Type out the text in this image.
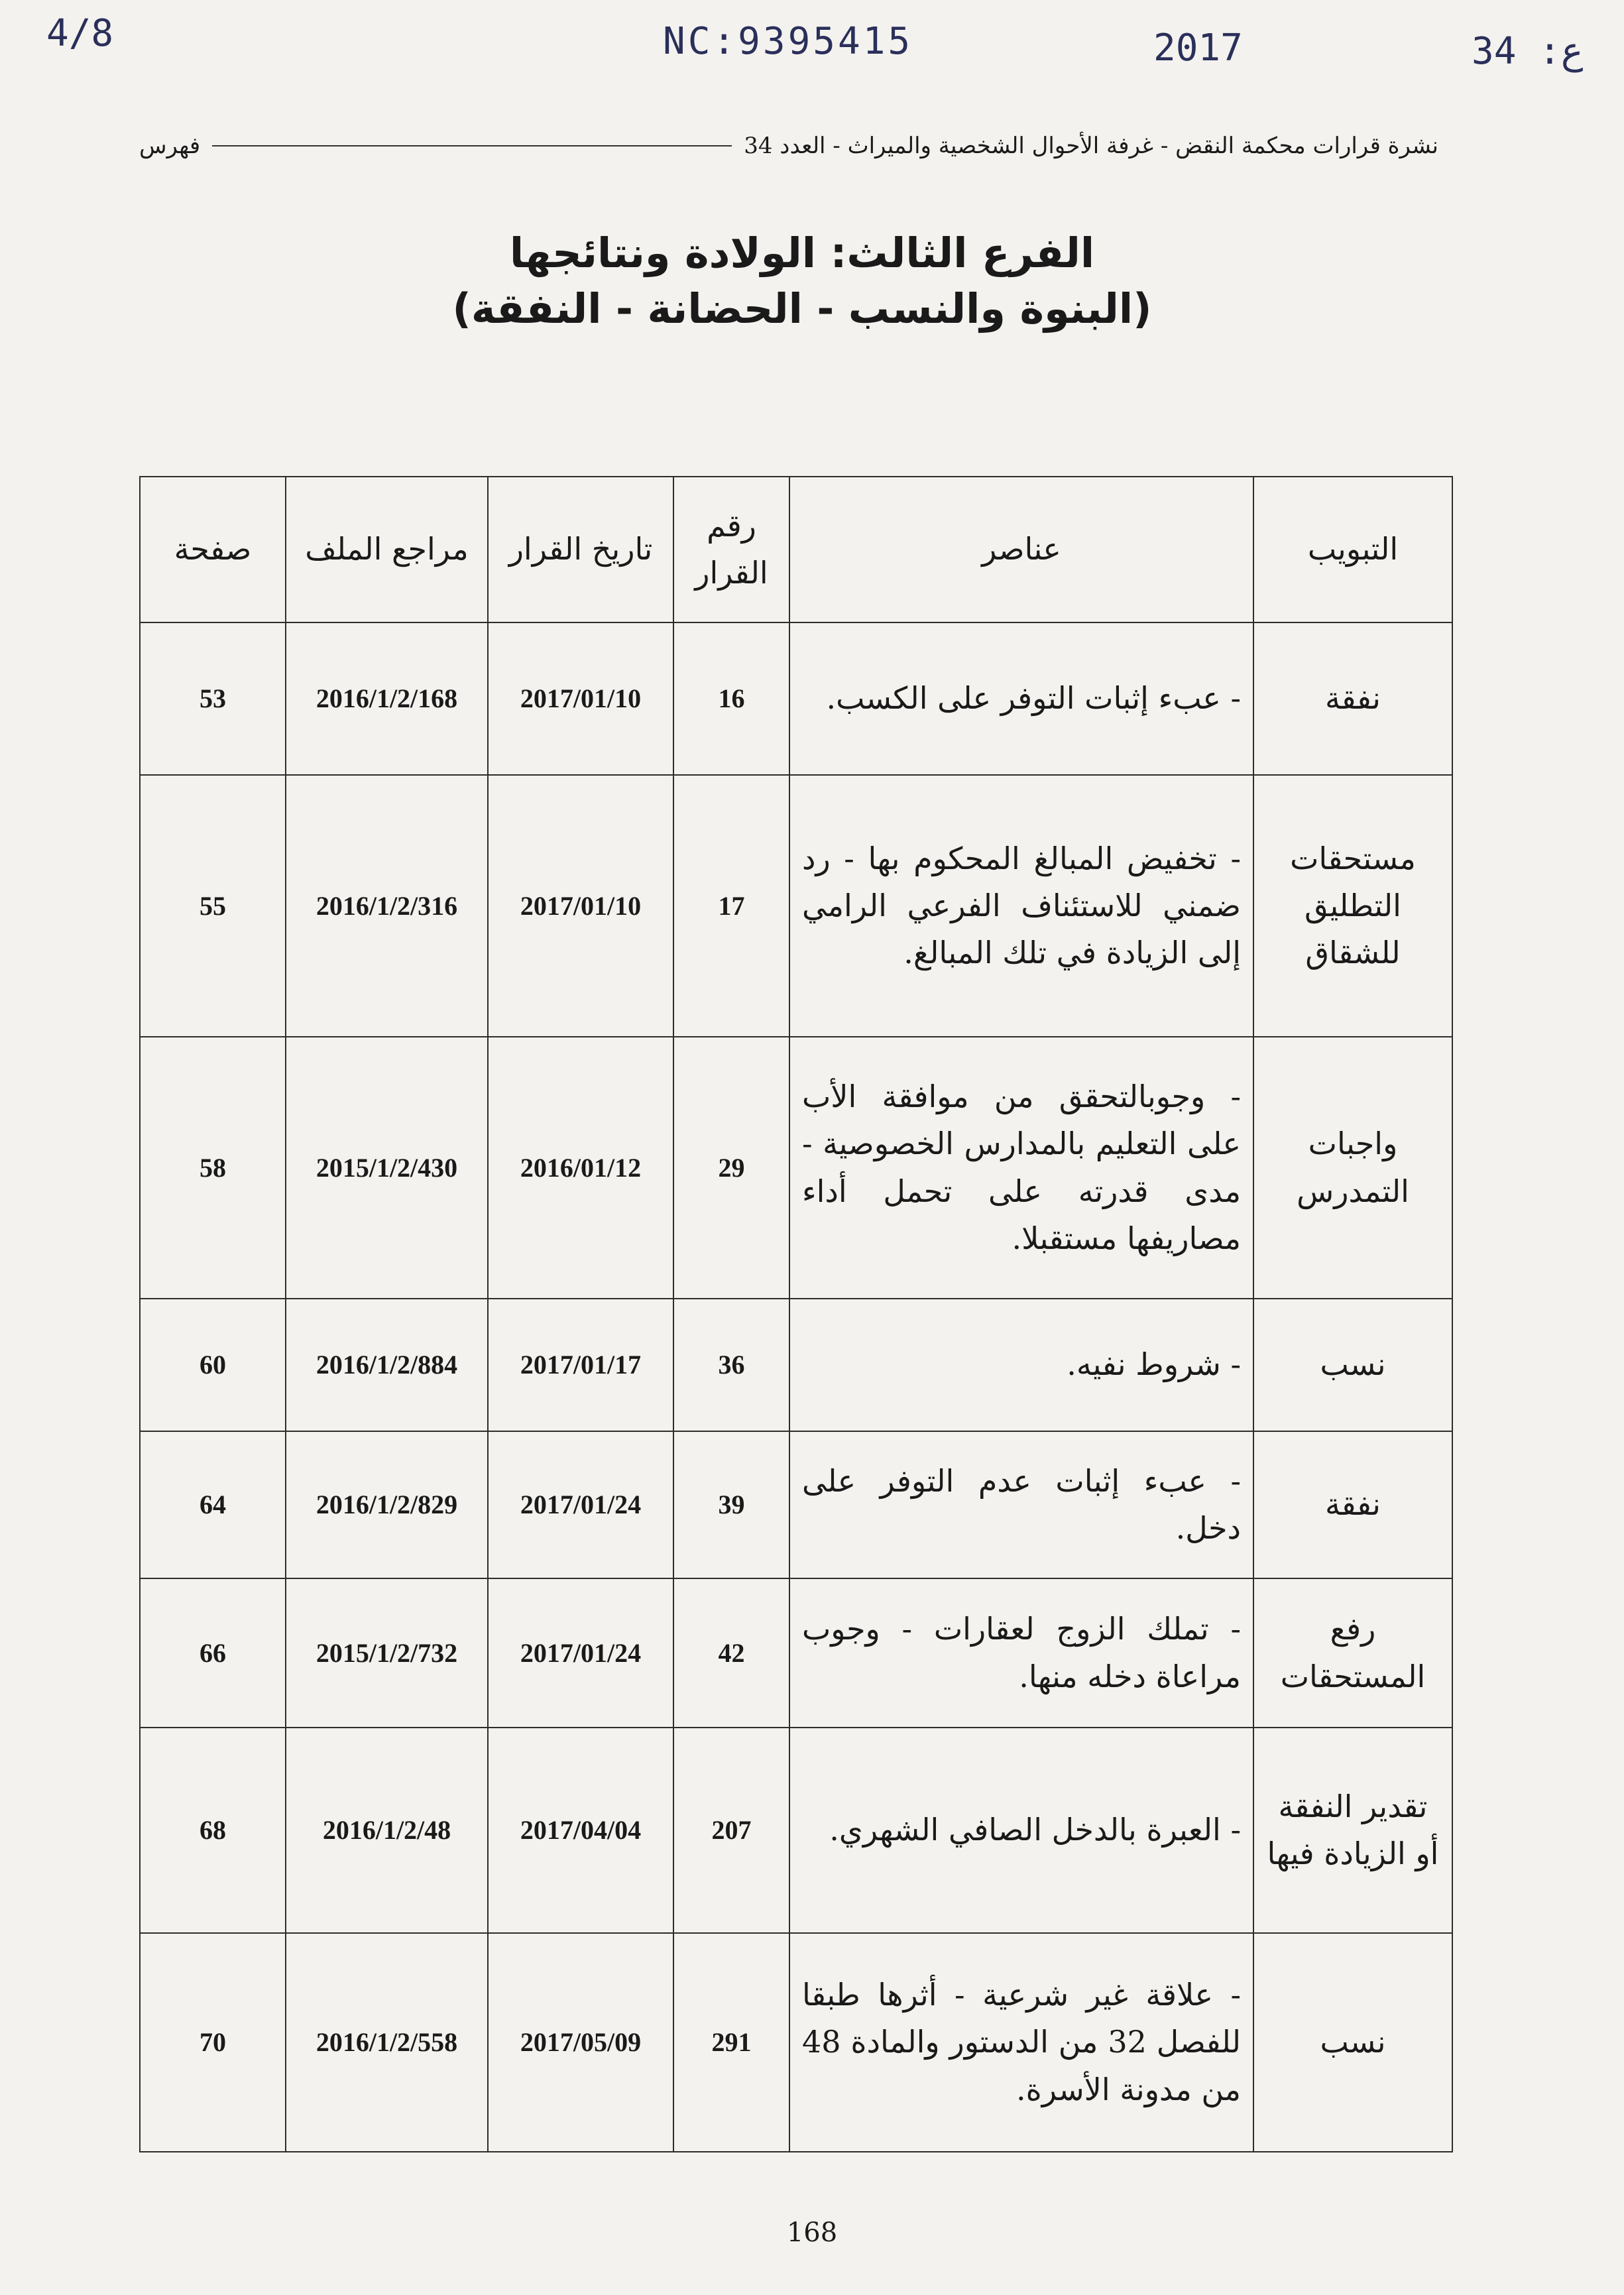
4/8	NC:9395415	2017	34 :ع
نشرة قرارات محكمة النقض - غرفة الأحوال الشخصية والميراث - العدد 34
فهرس
الفرع الثالث: الولادة ونتائجها
(البنوة والنسب - الحضانة - النفقة)
التبويب	عناصر	رقم القرار	تاريخ القرار	مراجع الملف	صفحة
نفقة	- عبء إثبات التوفر على الكسب.	16	2017/01/10	2016/1/2/168	53
مستحقات التطليق للشقاق	- تخفيض المبالغ المحكوم بها - رد ضمني للاستئناف الفرعي الرامي إلى الزيادة في تلك المبالغ.	17	2017/01/10	2016/1/2/316	55
واجبات التمدرس	- وجوبالتحقق من موافقة الأب على التعليم بالمدارس الخصوصية - مدى قدرته على تحمل أداء مصاريفها مستقبلا.	29	2016/01/12	2015/1/2/430	58
نسب	- شروط نفيه.	36	2017/01/17	2016/1/2/884	60
نفقة	- عبء إثبات عدم التوفر على دخل.	39	2017/01/24	2016/1/2/829	64
رفع المستحقات	- تملك الزوج لعقارات - وجوب مراعاة دخله منها.	42	2017/01/24	2015/1/2/732	66
تقدير النفقة أو الزيادة فيها	- العبرة بالدخل الصافي الشهري.	207	2017/04/04	2016/1/2/48	68
نسب	- علاقة غير شرعية - أثرها طبقا للفصل 32 من الدستور والمادة 48 من مدونة الأسرة.	291	2017/05/09	2016/1/2/558	70
168
